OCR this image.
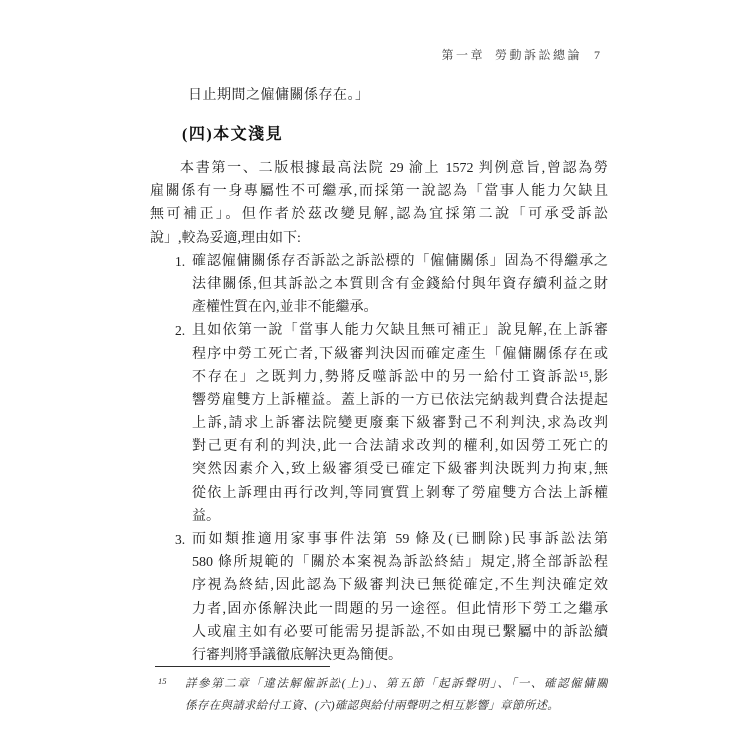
第一章 勞動訴訟總論 7
日止期間之僱傭關係存在。」
(四)本文淺見
本書第一、二版根據最高法院 29 渝上 1572 判例意旨,曾認為勞
雇關係有一身專屬性不可繼承,而採第一說認為「當事人能力欠缺且
無可補正」。但作者於茲改變見解,認為宜採第二說「可承受訴訟
說」,較為妥適,理由如下:
1. 確認僱傭關係存否訴訟之訴訟標的「僱傭關係」固為不得繼承之
法律關係,但其訴訟之本質則含有金錢給付與年資存續利益之財
產權性質在內,並非不能繼承。
2. 且如依第一說「當事人能力欠缺且無可補正」說見解,在上訴審
程序中勞工死亡者,下級審判決因而確定產生「僱傭關係存在或
不存在」之既判力,勢將反噬訴訟中的另一給付工資訴訟¹⁵,影
響勞雇雙方上訴權益。蓋上訴的一方已依法完納裁判費合法提起
上訴,請求上訴審法院變更廢棄下級審對己不利判決,求為改判
對己更有利的判決,此一合法請求改判的權利,如因勞工死亡的
突然因素介入,致上級審須受已確定下級審判決既判力拘束,無
從依上訴理由再行改判,等同實質上剝奪了勞雇雙方合法上訴權
益。
3. 而如類推適用家事事件法第 59 條及(已刪除)民事訴訟法第
580 條所規範的「關於本案視為訴訟終結」規定,將全部訴訟程
序視為終結,因此認為下級審判決已無從確定,不生判決確定效
力者,固亦係解決此一問題的另一途徑。但此情形下勞工之繼承
人或雇主如有必要可能需另提訴訟,不如由現已繫屬中的訴訟續
行審判將爭議徹底解決更為簡便。
15 詳參第二章「違法解僱訴訟(上)」、第五節「起訴聲明」、「一、確認僱傭關
係存在與請求給付工資、(六)確認與給付兩聲明之相互影響」章節所述。
